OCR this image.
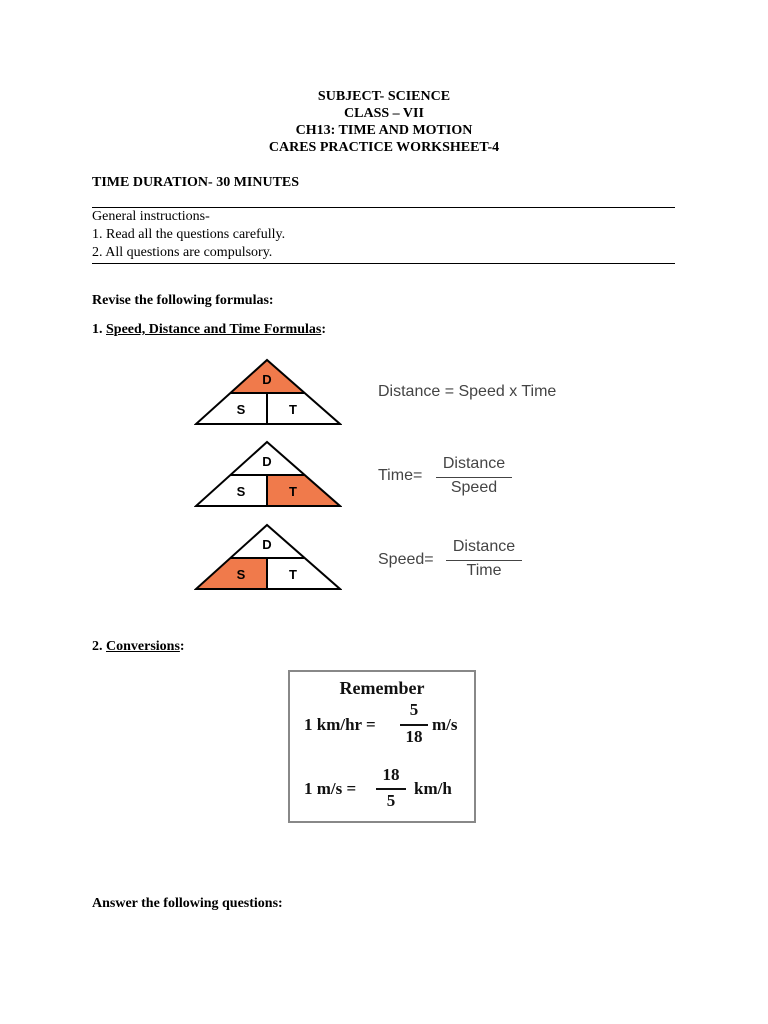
SUBJECT- SCIENCE
CLASS – VII
CH13: TIME AND MOTION
CARES PRACTICE WORKSHEET-4
TIME DURATION- 30 MINUTES
General instructions-
1. Read all the questions carefully.
2. All questions are compulsory.
Revise the following formulas:
1. Speed, Distance and Time Formulas:
D
S	T
Distance = Speed x Time
D
S	T
Time=
Distance
Speed
D
S	T
Speed=
Distance
Time
2. Conversions:
Remember
1 km/hr =
5
18
m/s
1 m/s =
18
5
km/h
Answer the following questions:
